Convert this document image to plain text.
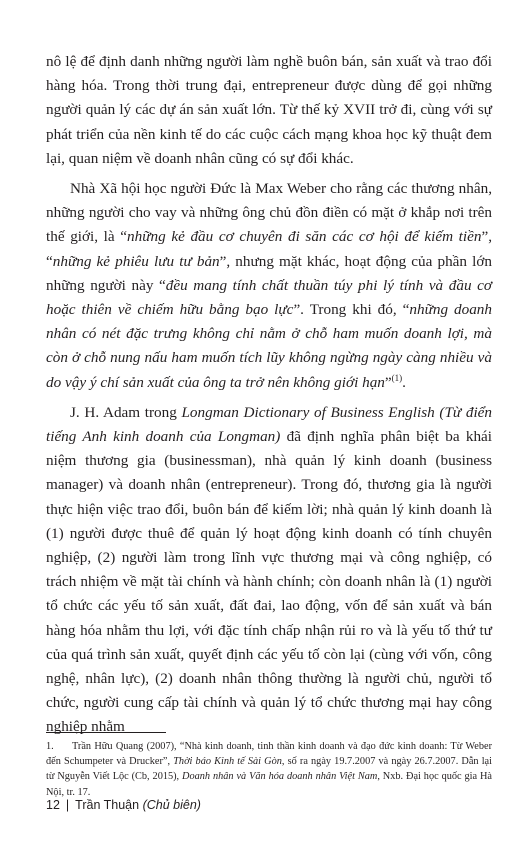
nô lệ để định danh những người làm nghề buôn bán, sản xuất và trao đổi hàng hóa. Trong thời trung đại, entrepreneur được dùng để gọi những người quản lý các dự án sản xuất lớn. Từ thế kỷ XVII trở đi, cùng với sự phát triển của nền kinh tế do các cuộc cách mạng khoa học kỹ thuật đem lại, quan niệm về doanh nhân cũng có sự đổi khác.

Nhà Xã hội học người Đức là Max Weber cho rằng các thương nhân, những người cho vay và những ông chủ đồn điền có mặt ở khắp nơi trên thế giới, là “những kẻ đầu cơ chuyên đi săn các cơ hội để kiếm tiền”, “những kẻ phiêu lưu tư bản”, nhưng mặt khác, hoạt động của phần lớn những người này “đều mang tính chất thuần túy phi lý tính và đầu cơ hoặc thiên về chiếm hữu bằng bạo lực”. Trong khi đó, “những doanh nhân có nét đặc trưng không chỉ nằm ở chỗ ham muốn doanh lợi, mà còn ở chỗ nung nấu ham muốn tích lũy không ngừng ngày càng nhiều và do vậy ý chí sản xuất của ông ta trở nên không giới hạn”$^{(1)}$.

J. H. Adam trong Longman Dictionary of Business English (Từ điển tiếng Anh kinh doanh của Longman) đã định nghĩa phân biệt ba khái niệm thương gia (businessman), nhà quản lý kinh doanh (business manager) và doanh nhân (entrepreneur). Trong đó, thương gia là người thực hiện việc trao đổi, buôn bán để kiếm lời; nhà quản lý kinh doanh là (1) người được thuê để quản lý hoạt động kinh doanh có tính chuyên nghiệp, (2) người làm trong lĩnh vực thương mại và công nghiệp, có trách nhiệm về mặt tài chính và hành chính; còn doanh nhân là (1) người tổ chức các yếu tố sản xuất, đất đai, lao động, vốn để sản xuất và bán hàng hóa nhằm thu lợi, với đặc tính chấp nhận rủi ro và là yếu tố thứ tư của quá trình sản xuất, quyết định các yếu tố còn lại (cùng với vốn, công nghệ, nhân lực), (2) doanh nhân thông thường là người chủ, người tổ chức, người cung cấp tài chính và quản lý tổ chức thương mại hay công nghiệp nhằm

1. Trần Hữu Quang (2007), “Nhà kinh doanh, tinh thần kinh doanh và đạo đức kinh doanh: Từ Weber đến Schumpeter và Drucker”, Thời báo Kinh tế Sài Gòn, số ra ngày 19.7.2007 và ngày 26.7.2007. Dẫn lại từ Nguyễn Viết Lộc (Cb, 2015), Doanh nhân và Văn hóa doanh nhân Việt Nam, Nxb. Đại học quốc gia Hà Nội, tr. 17.
12 | Trần Thuận (Chủ biên)
